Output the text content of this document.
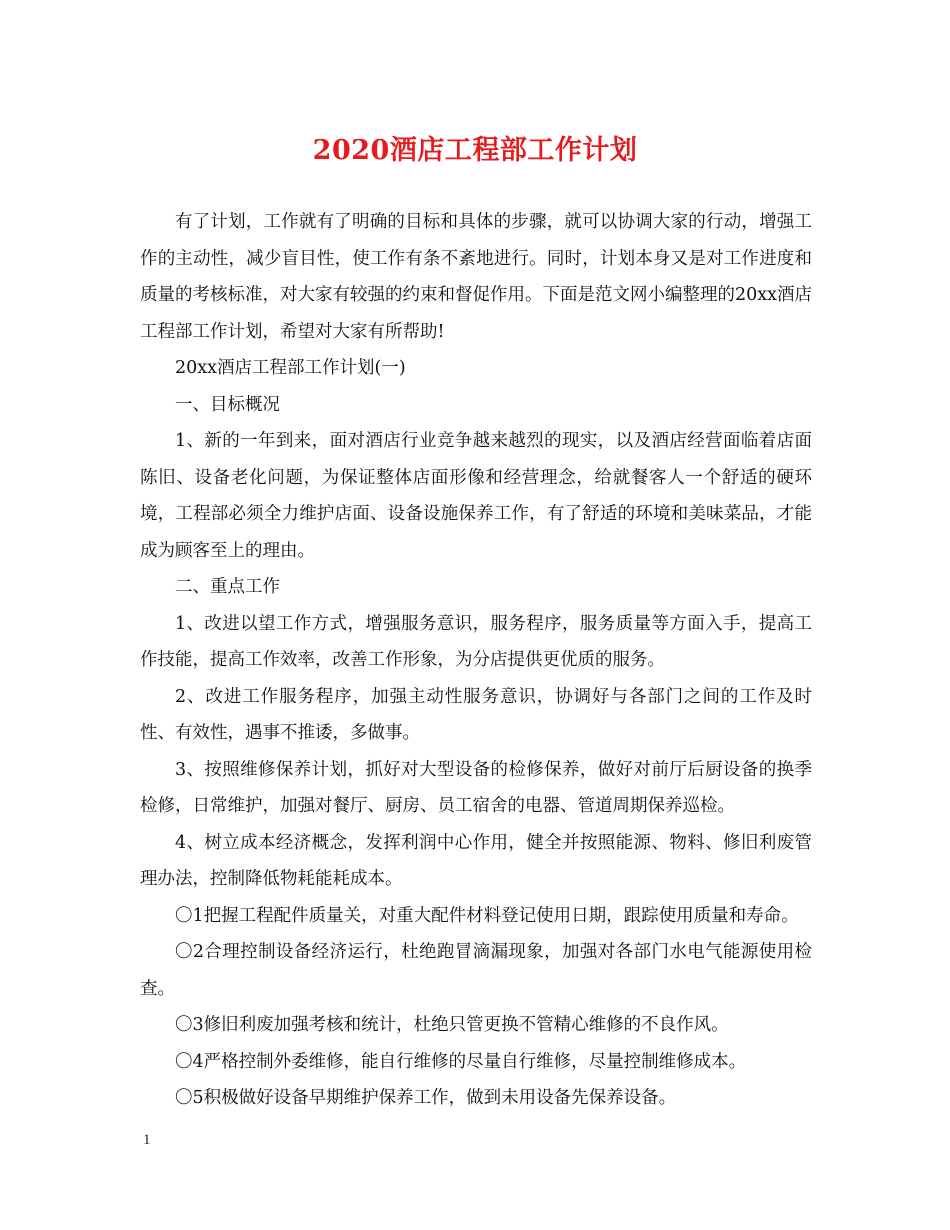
2020酒店工程部工作计划

有了计划，工作就有了明确的目标和具体的步骤，就可以协调大家的行动，增强工作的主动性，减少盲目性，使工作有条不紊地进行。同时，计划本身又是对工作进度和质量的考核标准，对大家有较强的约束和督促作用。下面是范文网小编整理的20xx酒店工程部工作计划，希望对大家有所帮助!

20xx酒店工程部工作计划(一)

一、目标概况

1、新的一年到来，面对酒店行业竞争越来越烈的现实，以及酒店经营面临着店面陈旧、设备老化问题，为保证整体店面形像和经营理念，给就餐客人一个舒适的硬环境，工程部必须全力维护店面、设备设施保养工作，有了舒适的环境和美味菜品，才能成为顾客至上的理由。

二、重点工作

1、改进以望工作方式，增强服务意识，服务程序，服务质量等方面入手，提高工作技能，提高工作效率，改善工作形象，为分店提供更优质的服务。

2、改进工作服务程序，加强主动性服务意识，协调好与各部门之间的工作及时性、有效性，遇事不推诿，多做事。

3、按照维修保养计划，抓好对大型设备的检修保养，做好对前厅后厨设备的换季检修，日常维护，加强对餐厅、厨房、员工宿舍的电器、管道周期保养巡检。

4、树立成本经济概念，发挥利润中心作用，健全并按照能源、物料、修旧利废管理办法，控制降低物耗能耗成本。

〇1把握工程配件质量关，对重大配件材料登记使用日期，跟踪使用质量和寿命。

〇2合理控制设备经济运行，杜绝跑冒滴漏现象，加强对各部门水电气能源使用检查。

〇3修旧利废加强考核和统计，杜绝只管更换不管精心维修的不良作风。

〇4严格控制外委维修，能自行维修的尽量自行维修，尽量控制维修成本。

〇5积极做好设备早期维护保养工作，做到未用设备先保养设备。

1
